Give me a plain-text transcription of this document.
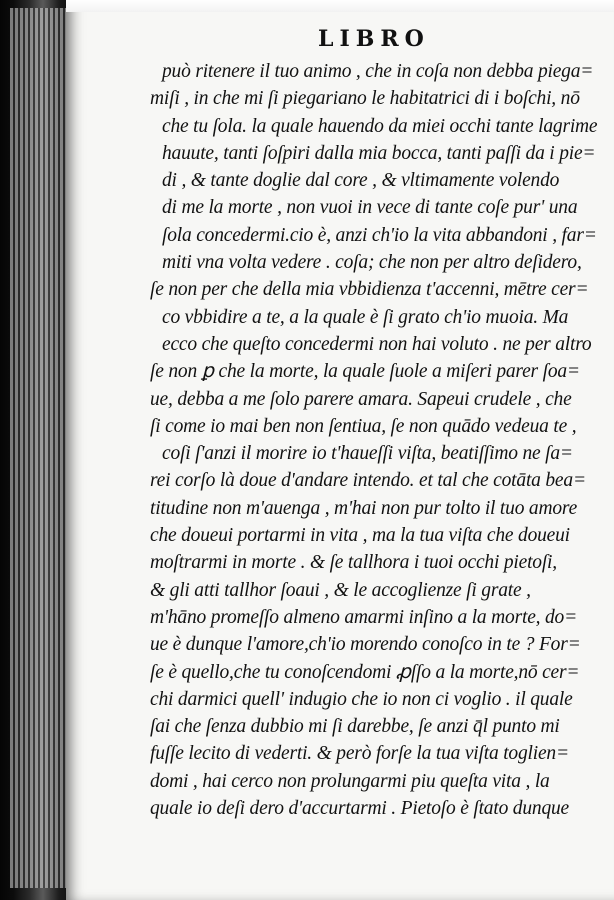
LIBRO
può ritenere il tuo animo , che in coſa non debba piega=
miſi , in che mi ſi piegariano le habitatrici di i boſchi, nō
che tu ſola. la quale hauendo da miei occhi tante lagrime
hauute, tanti ſoſpiri dalla mia bocca, tanti paſſi da i pie=
di , & tante doglie dal core , & vltimamente volendo
di me la morte , non vuoi in vece di tante coſe pur' una
ſola concedermi.cio è, anzi ch'io la vita abbandoni , far=
miti vna volta vedere . coſa; che non per altro deſidero,
ſe non per che della mia vbbidienza t'accenni, mētre cer=
co vbbidire a te, a la quale è ſi grato ch'io muoia. Ma
ecco che queſto concedermi non hai voluto . ne per altro
ſe non ꝑ che la morte, la quale ſuole a miſeri parer ſoa=
ue, debba a me ſolo parere amara. Sapeui crudele , che
ſi come io mai ben non ſentiua, ſe non quādo vedeua te ,
coſi ſ'anzi il morire io t'haueſſi viſta, beatiſſimo ne ſa=
rei corſo là doue d'andare intendo. et tal che cotāta bea=
titudine non m'auenga , m'hai non pur tolto il tuo amore
che doueui portarmi in vita , ma la tua viſta che doueui
moſtrarmi in morte . & ſe tallhora i tuoi occhi pietoſi,
& gli atti tallhor ſoaui , & le accoglienze ſi grate ,
m'hāno promeſſo almeno amarmi inſino a la morte, do=
ue è dunque l'amore,ch'io morendo conoſco in te ? For=
ſe è quello,che tu conoſcendomi ꝓſſo a la morte,nō cer=
chi darmici quell' indugio che io non ci voglio . il quale
ſai che ſenza dubbio mi ſi darebbe, ſe anzi q̄l punto mi
fuſſe lecito di vederti. & però forſe la tua viſta toglien=
domi , hai cerco non prolungarmi piu queſta vita , la
quale io deſi dero d'accurtarmi . Pietoſo è ſtato dunque
